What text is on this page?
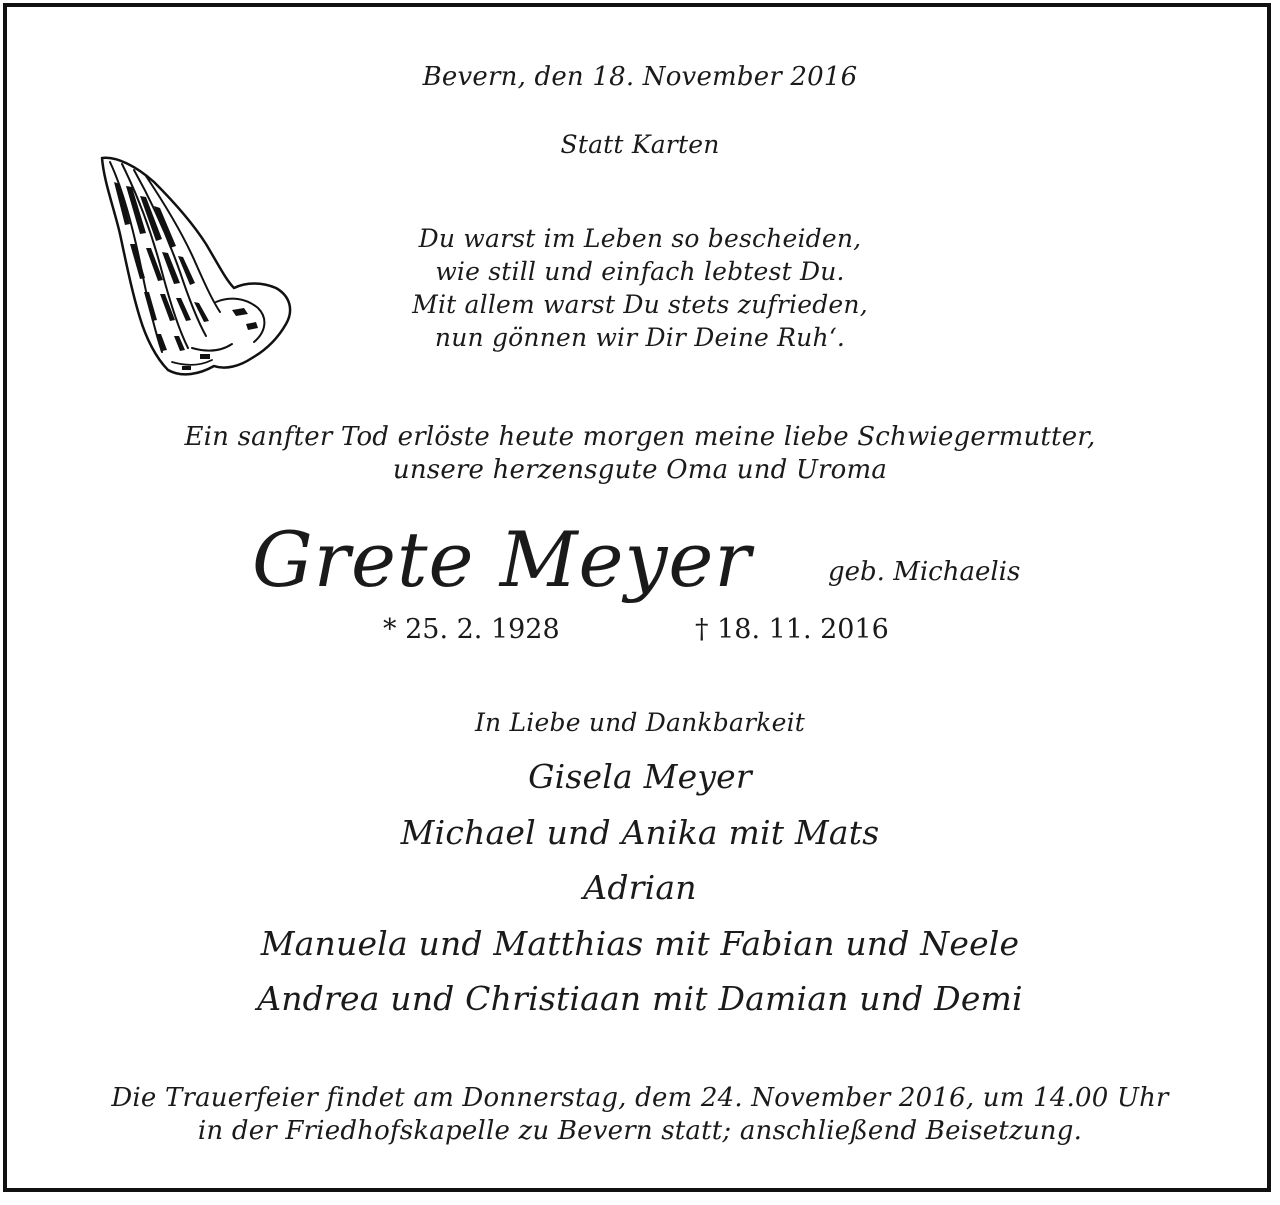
Bevern, den 18. November 2016
Statt Karten
Du warst im Leben so bescheiden,
wie still und einfach lebtest Du.
Mit allem warst Du stets zufrieden,
nun gönnen wir Dir Deine Ruh‘.
Ein sanfter Tod erlöste heute morgen meine liebe Schwiegermutter,
unsere herzensgute Oma und Uroma
Grete Meyer	geb. Michaelis
* 25. 2. 1928	† 18. 11. 2016
In Liebe und Dankbarkeit
Gisela Meyer
Michael und Anika mit Mats
Adrian
Manuela und Matthias mit Fabian und Neele
Andrea und Christiaan mit Damian und Demi
Die Trauerfeier findet am Donnerstag, dem 24. November 2016, um 14.00 Uhr
in der Friedhofskapelle zu Bevern statt; anschließend Beisetzung.
